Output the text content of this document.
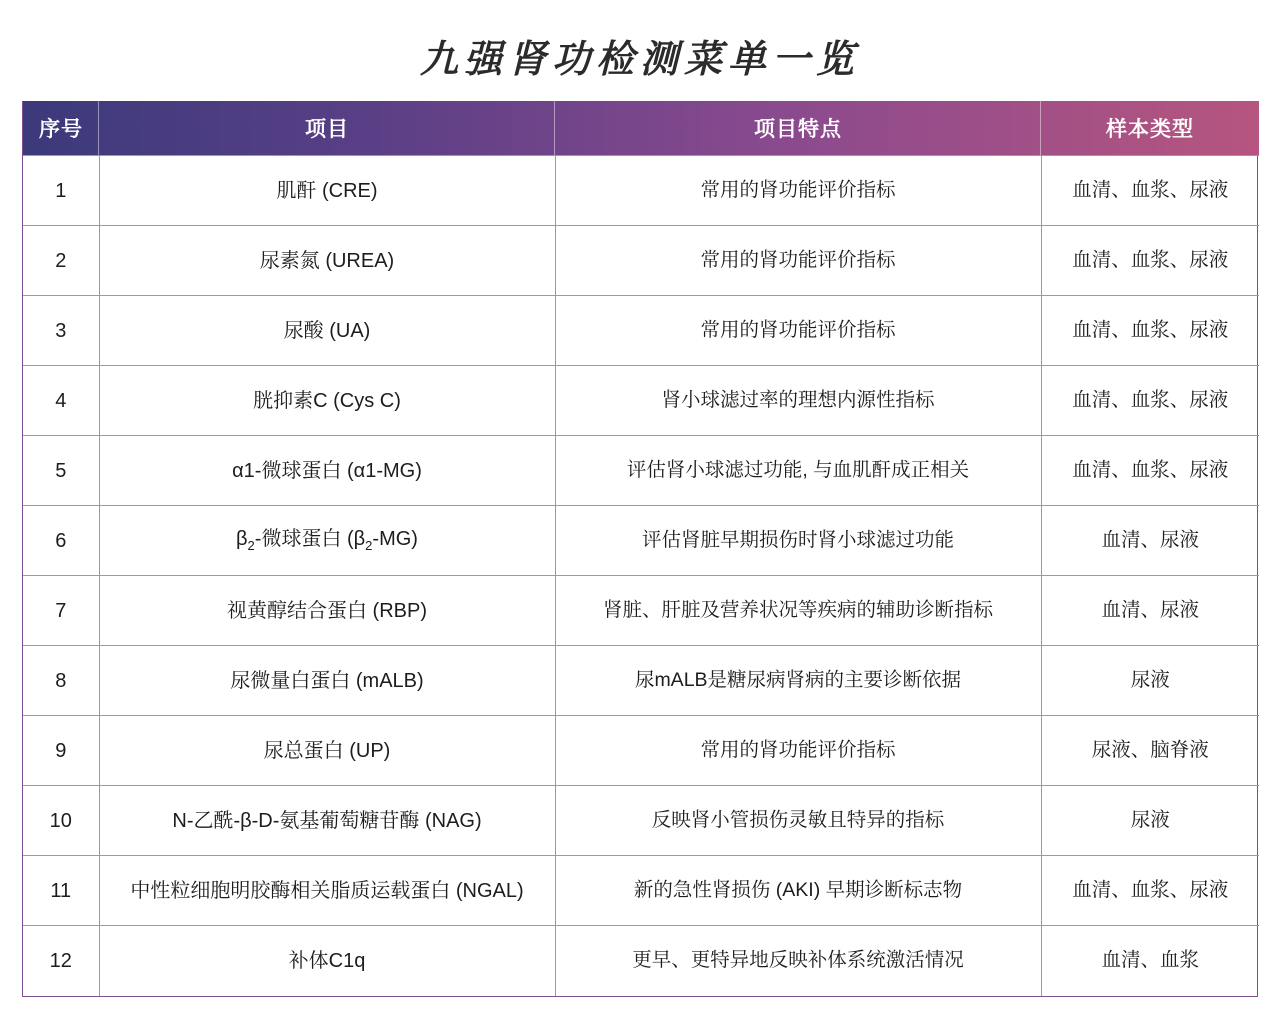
九强肾功检测菜单一览
序号	项目	项目特点	样本类型
1	肌酐 (CRE)	常用的肾功能评价指标	血清、血浆、尿液
2	尿素氮 (UREA)	常用的肾功能评价指标	血清、血浆、尿液
3	尿酸 (UA)	常用的肾功能评价指标	血清、血浆、尿液
4	胱抑素C (Cys C)	肾小球滤过率的理想内源性指标	血清、血浆、尿液
5	α1-微球蛋白 (α1-MG)	评估肾小球滤过功能, 与血肌酐成正相关	血清、血浆、尿液
6	$\beta_2-$微球蛋白 $(\beta_2-MG)$	评估肾脏早期损伤时肾小球滤过功能	血清、尿液
7	视黄醇结合蛋白 (RBP)	肾脏、肝脏及营养状况等疾病的辅助诊断指标	血清、尿液
8	尿微量白蛋白 (mALB)	尿mALB是糖尿病肾病的主要诊断依据	尿液
9	尿总蛋白 (UP)	常用的肾功能评价指标	尿液、脑脊液
10	N-乙酰-β-D-氨基葡萄糖苷酶 (NAG)	反映肾小管损伤灵敏且特异的指标	尿液
11	中性粒细胞明胶酶相关脂质运载蛋白 (NGAL)	新的急性肾损伤 (AKI) 早期诊断标志物	血清、血浆、尿液
12	补体C1q	更早、更特异地反映补体系统激活情况	血清、血浆
